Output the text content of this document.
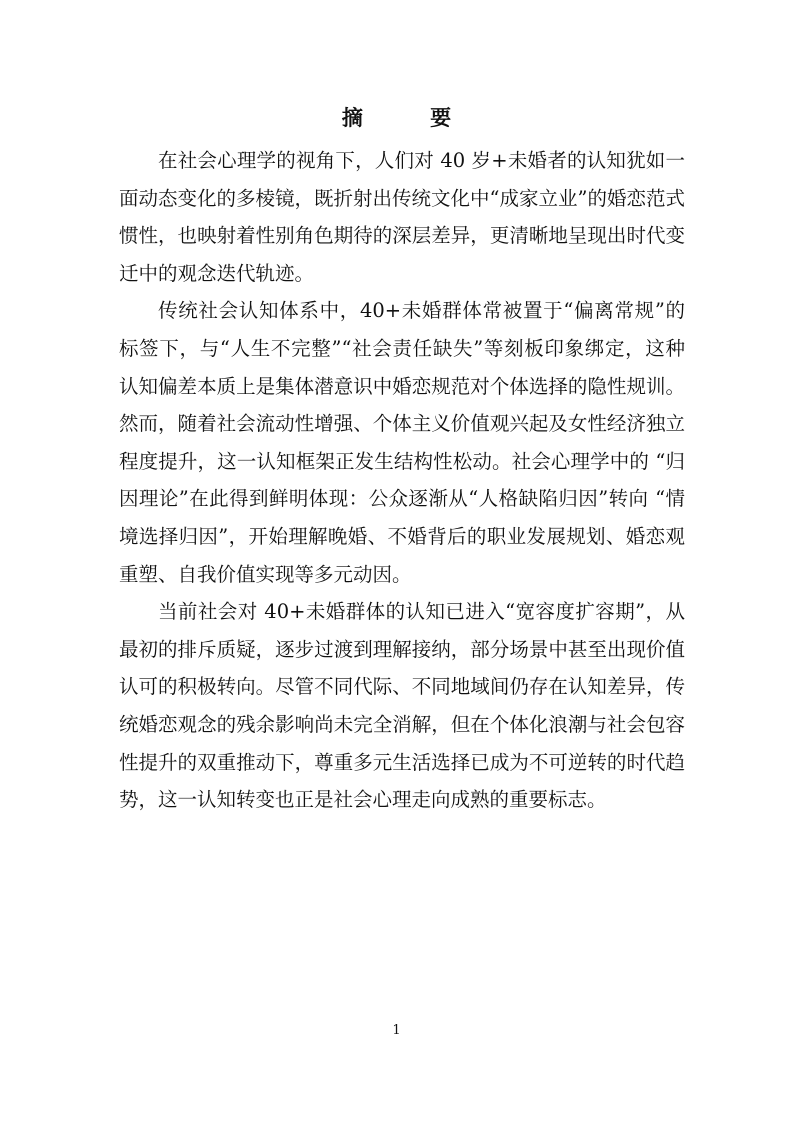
摘 要

在社会心理学的视角下，人们对 40 岁+未婚者的认知犹如一面动态变化的多棱镜，既折射出传统文化中“成家立业”的婚恋范式惯性，也映射着性别角色期待的深层差异，更清晰地呈现出时代变迁中的观念迭代轨迹。

传统社会认知体系中，40+未婚群体常被置于“偏离常规”的标签下，与“人生不完整”“社会责任缺失”等刻板印象绑定，这种认知偏差本质上是集体潜意识中婚恋规范对个体选择的隐性规训。然而，随着社会流动性增强、个体主义价值观兴起及女性经济独立程度提升，这一认知框架正发生结构性松动。社会心理学中的 “归因理论”在此得到鲜明体现：公众逐渐从“人格缺陷归因”转向 “情境选择归因”，开始理解晚婚、不婚背后的职业发展规划、婚恋观重塑、自我价值实现等多元动因。

当前社会对 40+未婚群体的认知已进入“宽容度扩容期”，从最初的排斥质疑，逐步过渡到理解接纳，部分场景中甚至出现价值认可的积极转向。尽管不同代际、不同地域间仍存在认知差异，传统婚恋观念的残余影响尚未完全消解，但在个体化浪潮与社会包容性提升的双重推动下，尊重多元生活选择已成为不可逆转的时代趋势，这一认知转变也正是社会心理走向成熟的重要标志。

1
